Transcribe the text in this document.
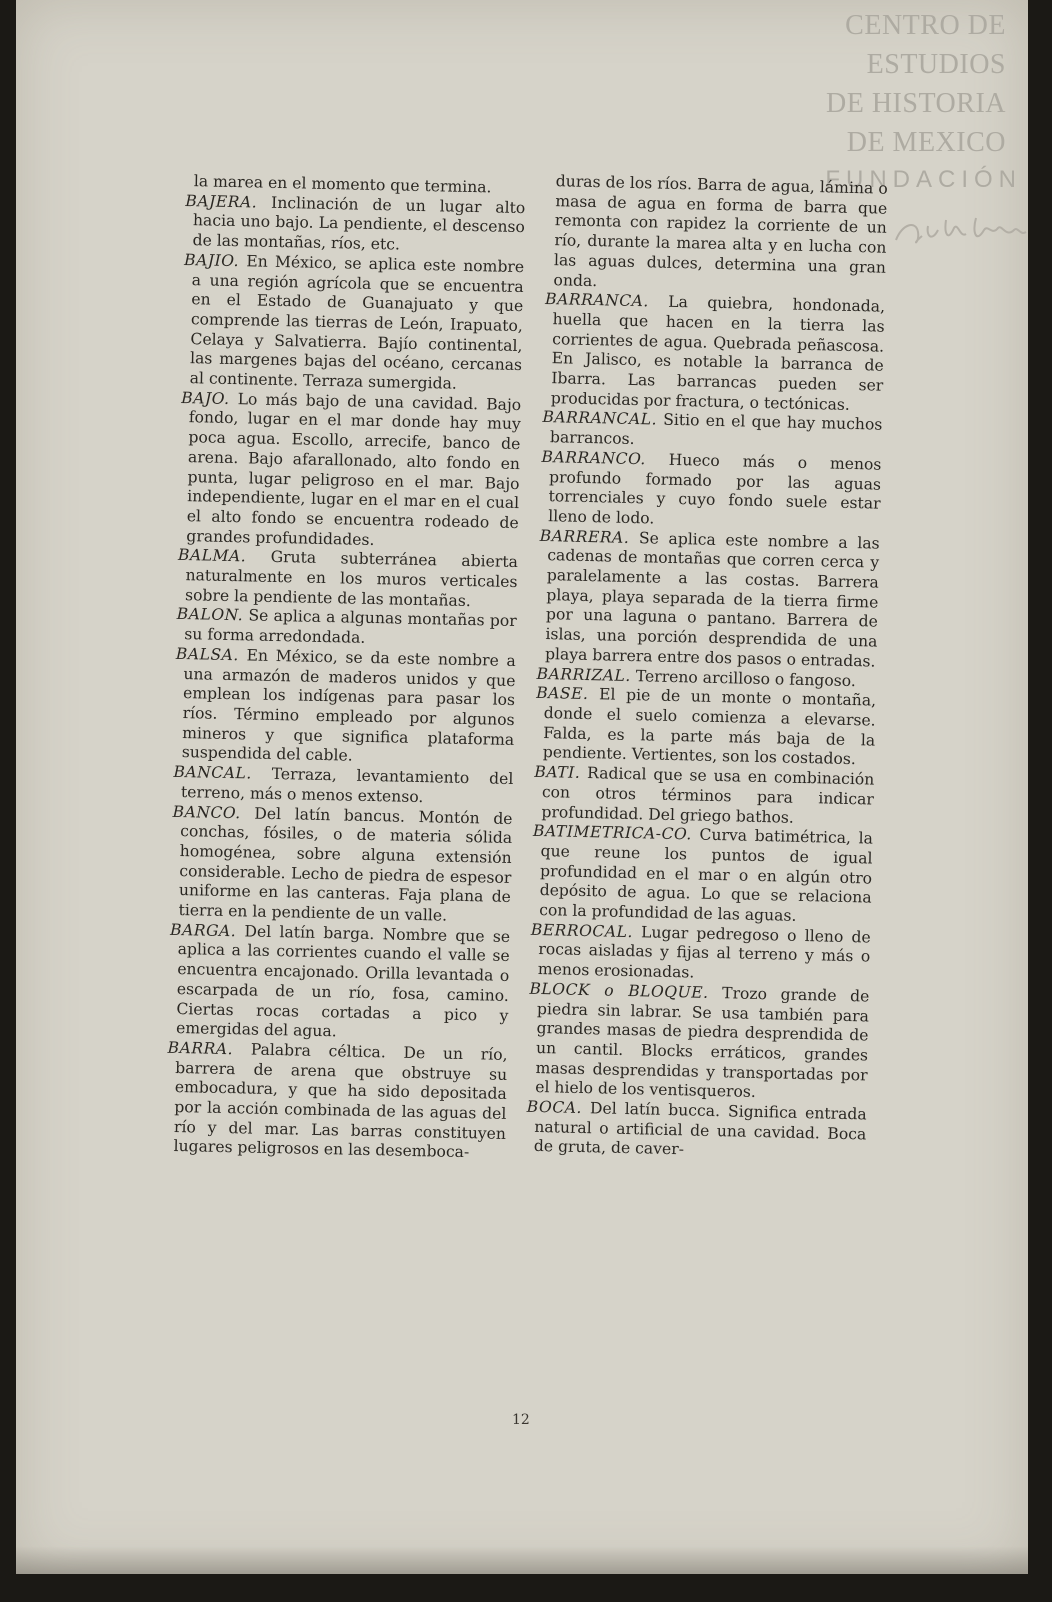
CENTRO DE
ESTUDIOS
DE HISTORIA
DE MEXICO
FUNDACIÓN

la marea en el momento que termina.

BAJERA. Inclinación de un lugar alto hacia uno bajo. La pendiente, el descenso de las montañas, ríos, etc.

BAJIO. En México, se aplica este nombre a una región agrícola que se encuentra en el Estado de Guanajuato y que comprende las tierras de León, Irapuato, Celaya y Salvatierra. Bajío continental, las margenes bajas del océano, cercanas al continente. Terraza sumergida.

BAJO. Lo más bajo de una cavidad. Bajo fondo, lugar en el mar donde hay muy poca agua. Escollo, arrecife, banco de arena. Bajo afarallonado, alto fondo en punta, lugar peligroso en el mar. Bajo independiente, lugar en el mar en el cual el alto fondo se encuentra rodeado de grandes profundidades.

BALMA. Gruta subterránea abierta naturalmente en los muros verticales sobre la pendiente de las montañas.

BALON. Se aplica a algunas montañas por su forma arredondada.

BALSA. En México, se da este nombre a una armazón de maderos unidos y que emplean los indígenas para pasar los ríos. Término empleado por algunos mineros y que significa plataforma suspendida del cable.

BANCAL. Terraza, levantamiento del terreno, más o menos extenso.

BANCO. Del latín bancus. Montón de conchas, fósiles, o de materia sólida homogénea, sobre alguna extensión considerable. Lecho de piedra de espesor uniforme en las canteras. Faja plana de tierra en la pendiente de un valle.

BARGA. Del latín barga. Nombre que se aplica a las corrientes cuando el valle se encuentra encajonado. Orilla levantada o escarpada de un río, fosa, camino. Ciertas rocas cortadas a pico y emergidas del agua.

BARRA. Palabra céltica. De un río, barrera de arena que obstruye su embocadura, y que ha sido depositada por la acción combinada de las aguas del río y del mar. Las barras constituyen lugares peligrosos en las desemboca-

duras de los ríos. Barra de agua, lámina o masa de agua en forma de barra que remonta con rapidez la corriente de un río, durante la marea alta y en lucha con las aguas dulces, determina una gran onda.

BARRANCA. La quiebra, hondonada, huella que hacen en la tierra las corrientes de agua. Quebrada peñascosa. En Jalisco, es notable la barranca de Ibarra. Las barrancas pueden ser producidas por fractura, o tectónicas.

BARRANCAL. Sitio en el que hay muchos barrancos.

BARRANCO. Hueco más o menos profundo formado por las aguas torrenciales y cuyo fondo suele estar lleno de lodo.

BARRERA. Se aplica este nombre a las cadenas de montañas que corren cerca y paralelamente a las costas. Barrera playa, playa separada de la tierra firme por una laguna o pantano. Barrera de islas, una porción desprendida de una playa barrera entre dos pasos o entradas.

BARRIZAL. Terreno arcilloso o fangoso.

BASE. El pie de un monte o montaña, donde el suelo comienza a elevarse. Falda, es la parte más baja de la pendiente. Vertientes, son los costados.

BATI. Radical que se usa en combinación con otros términos para indicar profundidad. Del griego bathos.

BATIMETRICA-CO. Curva batimétrica, la que reune los puntos de igual profundidad en el mar o en algún otro depósito de agua. Lo que se relaciona con la profundidad de las aguas.

BERROCAL. Lugar pedregoso o lleno de rocas aisladas y fijas al terreno y más o menos erosionadas.

BLOCK o BLOQUE. Trozo grande de piedra sin labrar. Se usa también para grandes masas de piedra desprendida de un cantil. Blocks erráticos, grandes masas desprendidas y transportadas por el hielo de los ventisqueros.

BOCA. Del latín bucca. Significa entrada natural o artificial de una cavidad. Boca de gruta, de caver-

12
